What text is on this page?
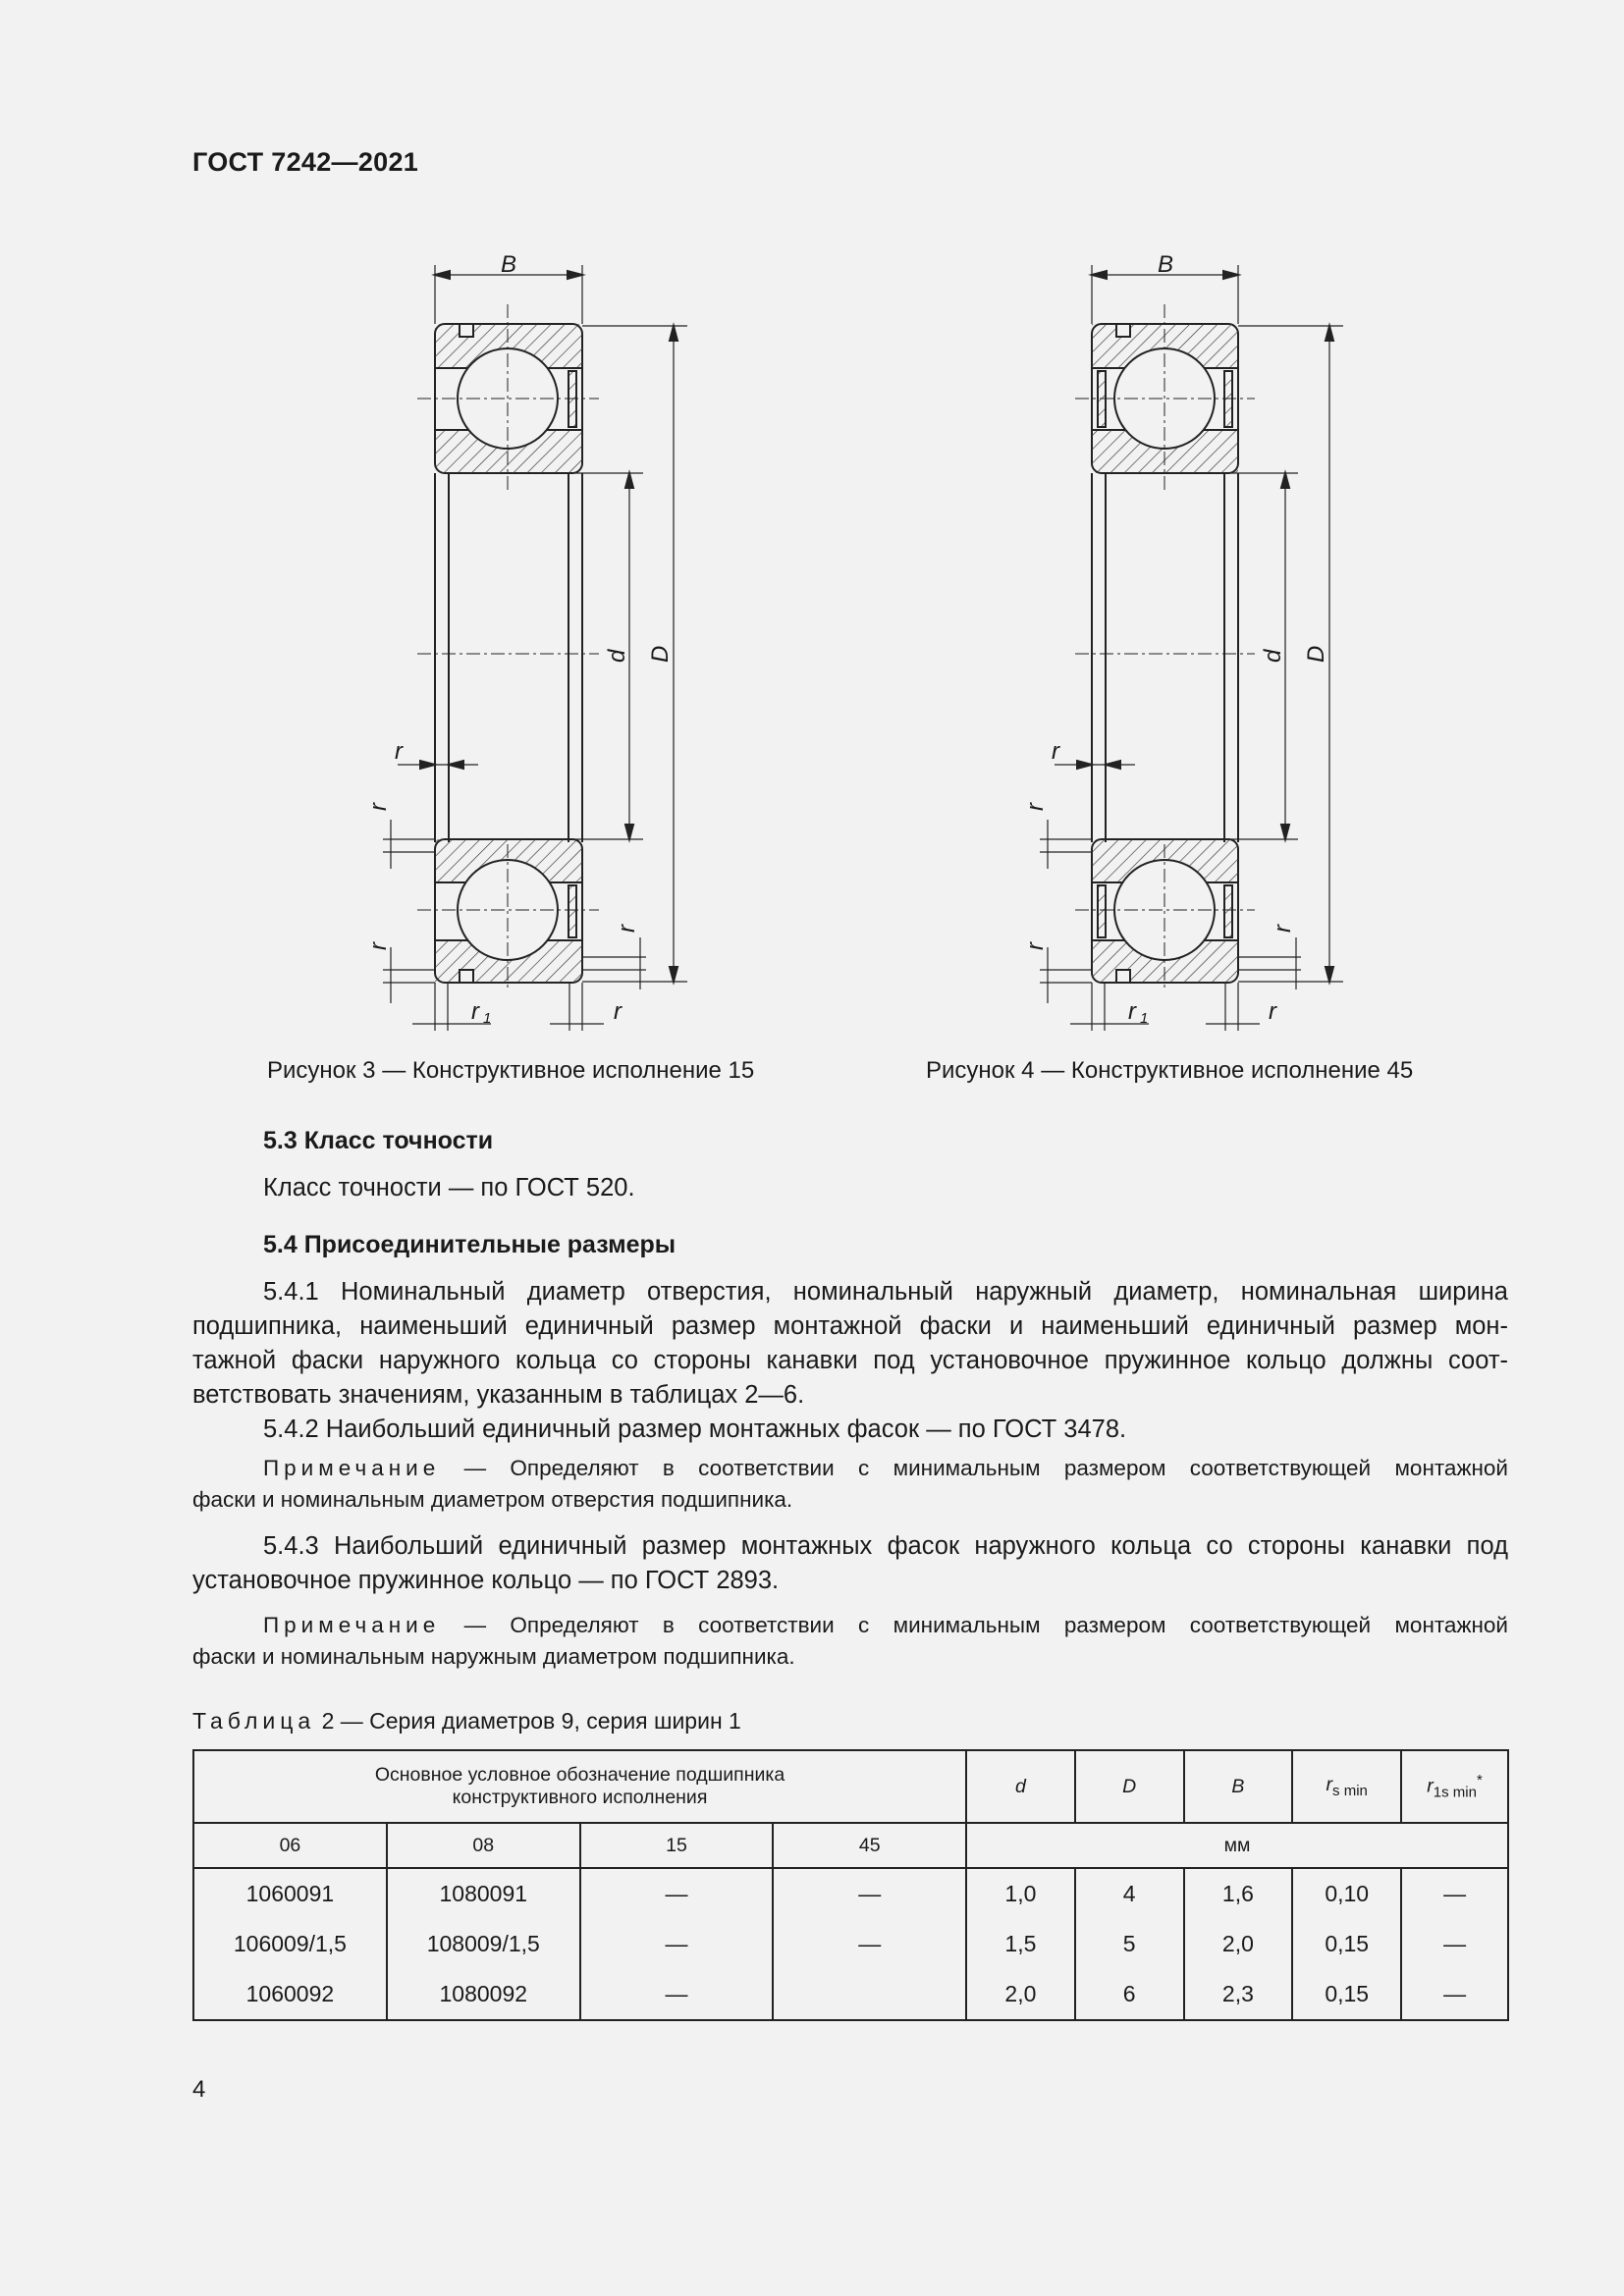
ГОСТ 7242—2021
B
D
d
r
r
r
r 1	r
r
B
D
d
r
r
r
r 1	r
r
Рисунок 3 — Конструктивное исполнение 15	Рисунок 4 — Конструктивное исполнение 45
5.3 Класс точности
Класс точности — по ГОСТ 520.
5.4 Присоединительные размеры
5.4.1 Номинальный диаметр отверстия, номинальный наружный диаметр, номинальная ширина
подшипника, наименьший единичный размер монтажной фаски и наименьший единичный размер мон-
тажной фаски наружного кольца со стороны канавки под установочное пружинное кольцо должны соот-
ветствовать значениям, указанным в таблицах 2—6.
5.4.2 Наибольший единичный размер монтажных фасок — по ГОСТ 3478.
Примечание — Определяют в соответствии с минимальным размером соответствующей монтажной
фаски и номинальным диаметром отверстия подшипника.
5.4.3 Наибольший единичный размер монтажных фасок наружного кольца со стороны канавки под
установочное пружинное кольцо — по ГОСТ 2893.
Примечание — Определяют в соответствии с минимальным размером соответствующей монтажной
фаски и номинальным наружным диаметром подшипника.
Таблица 2 — Серия диаметров 9, серия ширин 1
Основное условное обозначение подшипника конструктивного исполнения				d	D	B	$r_{s min}$	$r_{1s min}^*$
06	08	15	45	мм				
1060091	1080091	—	—	1,0	4	1,6	0,10	—
106009/1,5	108009/1,5	—	—	1,5	5	2,0	0,15	—
1060092	1080092	—		2,0	6	2,3	0,15	—
4
